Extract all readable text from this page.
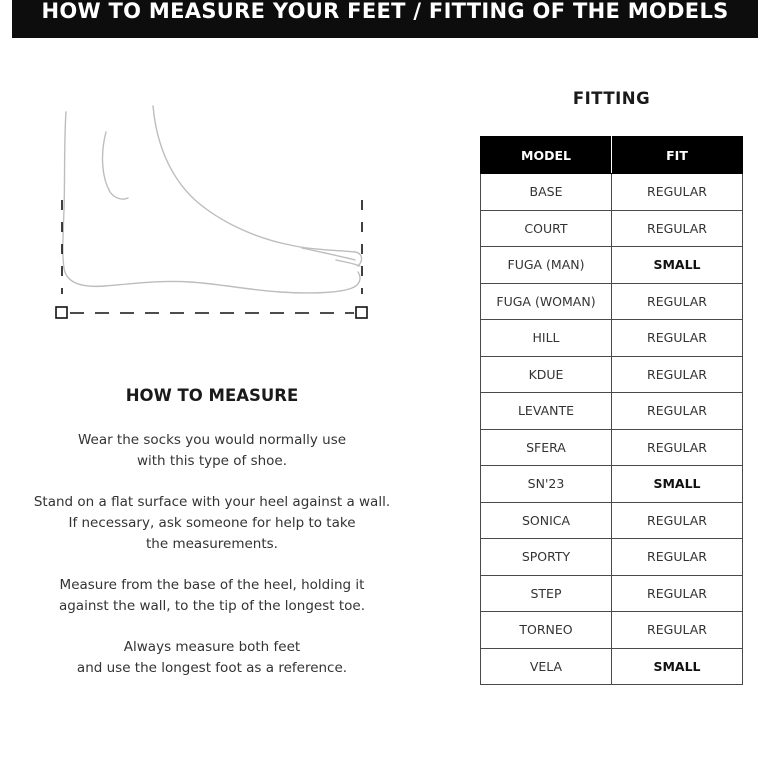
HOW TO MEASURE YOUR FEET / FITTING OF THE MODELS
HOW TO MEASURE

Wear the socks you would normally use
with this type of shoe.

Stand on a flat surface with your heel against a wall.
If necessary, ask someone for help to take
the measurements.

Measure from the base of the heel, holding it
against the wall, to the tip of the longest toe.

Always measure both feet
and use the longest foot as a reference.

FITTING
MODEL	FIT
BASE	REGULAR
COURT	REGULAR
FUGA (MAN)	SMALL
FUGA (WOMAN)	REGULAR
HILL	REGULAR
KDUE	REGULAR
LEVANTE	REGULAR
SFERA	REGULAR
SN'23	SMALL
SONICA	REGULAR
SPORTY	REGULAR
STEP	REGULAR
TORNEO	REGULAR
VELA	SMALL
